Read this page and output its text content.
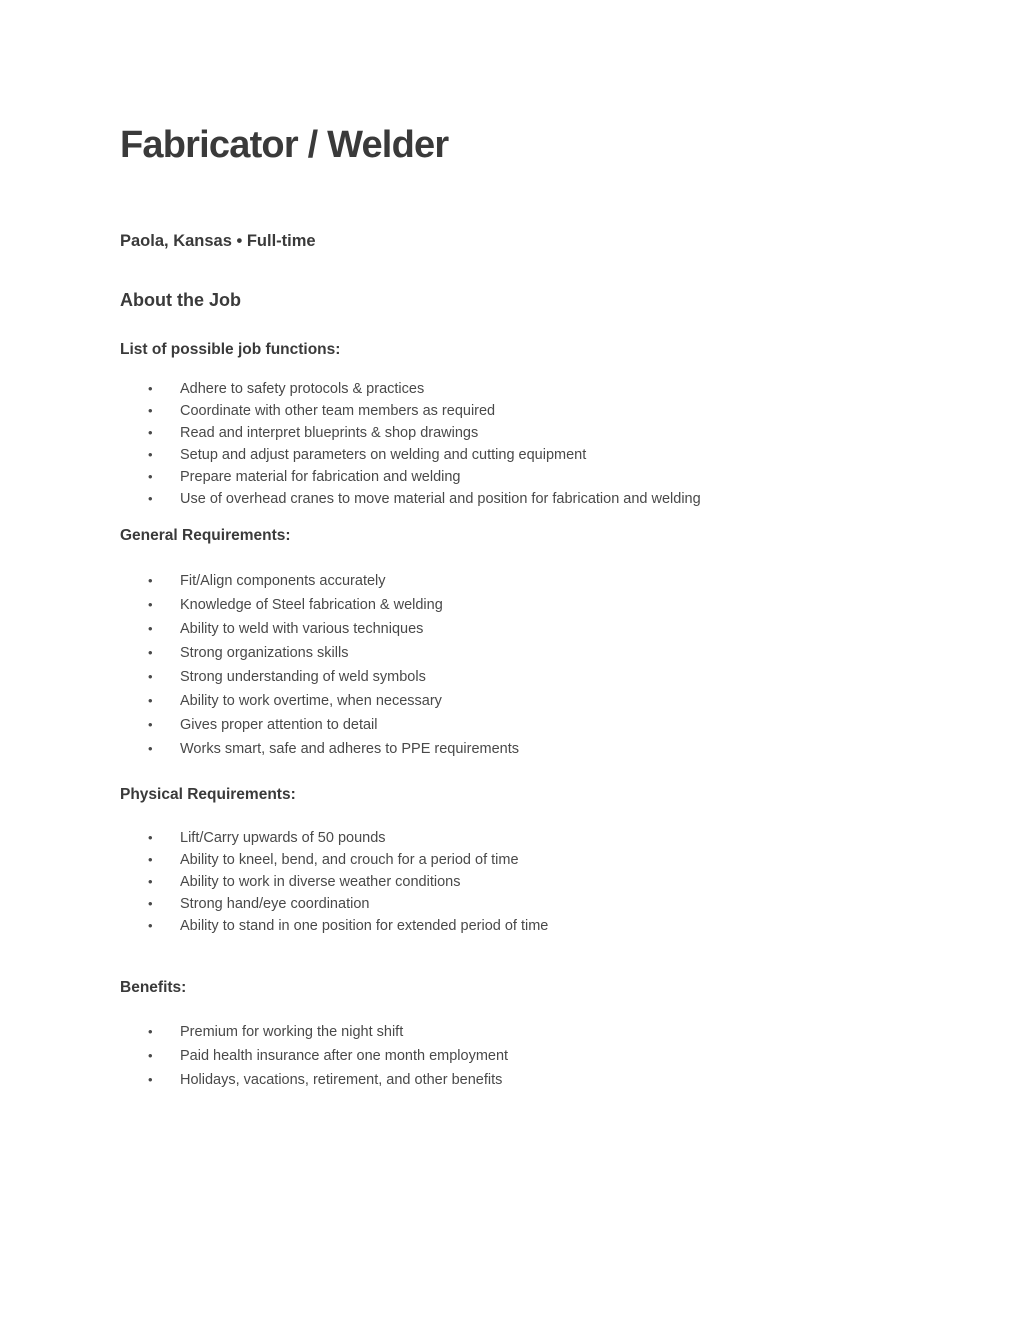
Fabricator / Welder

Paola, Kansas • Full-time

About the Job
List of possible job functions:
•	Adhere to safety protocols & practices
•	Coordinate with other team members as required
•	Read and interpret blueprints & shop drawings
•	Setup and adjust parameters on welding and cutting equipment
•	Prepare material for fabrication and welding
•	Use of overhead cranes to move material and position for fabrication and welding
General Requirements:
•	Fit/Align components accurately
•	Knowledge of Steel fabrication & welding
•	Ability to weld with various techniques
•	Strong organizations skills
•	Strong understanding of weld symbols
•	Ability to work overtime, when necessary
•	Gives proper attention to detail
•	Works smart, safe and adheres to PPE requirements
Physical Requirements:
•	Lift/Carry upwards of 50 pounds
•	Ability to kneel, bend, and crouch for a period of time
•	Ability to work in diverse weather conditions
•	Strong hand/eye coordination
•	Ability to stand in one position for extended period of time
Benefits:
•	Premium for working the night shift
•	Paid health insurance after one month employment
•	Holidays, vacations, retirement, and other benefits
